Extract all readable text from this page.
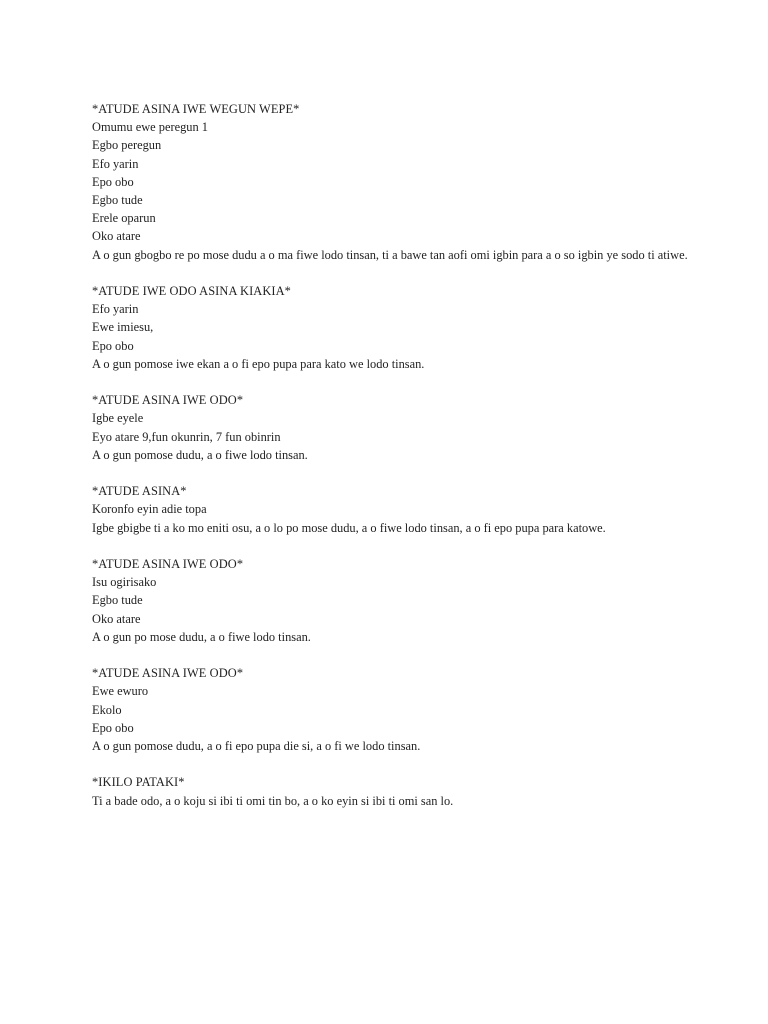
*ATUDE ASINA IWE WEGUN WEPE*
Omumu ewe peregun 1
Egbo peregun
Efo yarin
Epo obo
Egbo tude
Erele oparun
Oko atare
A o gun gbogbo re po mose dudu a o ma fiwe lodo tinsan, ti a bawe tan aofi omi igbin para a o so igbin ye sodo ti atiwe.
*ATUDE IWE ODO ASINA KIAKIA*
Efo yarin
Ewe imiesu,
Epo obo
A o gun pomose iwe ekan a o fi epo pupa para kato we lodo tinsan.
*ATUDE ASINA IWE ODO*
Igbe eyele
Eyo atare 9,fun okunrin, 7 fun obinrin
A o gun pomose dudu, a o fiwe lodo tinsan.
*ATUDE ASINA*
Koronfo eyin adie topa
Igbe gbigbe ti a ko mo eniti osu, a o lo po mose dudu, a o fiwe lodo tinsan, a o fi epo pupa para katowe.
*ATUDE ASINA IWE ODO*
Isu ogirisako
Egbo tude
Oko atare
A o gun po mose dudu, a o fiwe lodo tinsan.
*ATUDE ASINA IWE ODO*
Ewe ewuro
Ekolo
Epo obo
A o gun pomose dudu, a o fi epo pupa die si, a o fi we lodo tinsan.
*IKILO PATAKI*
Ti a bade odo, a o koju si ibi ti omi tin bo, a o ko eyin si ibi ti omi san lo.
